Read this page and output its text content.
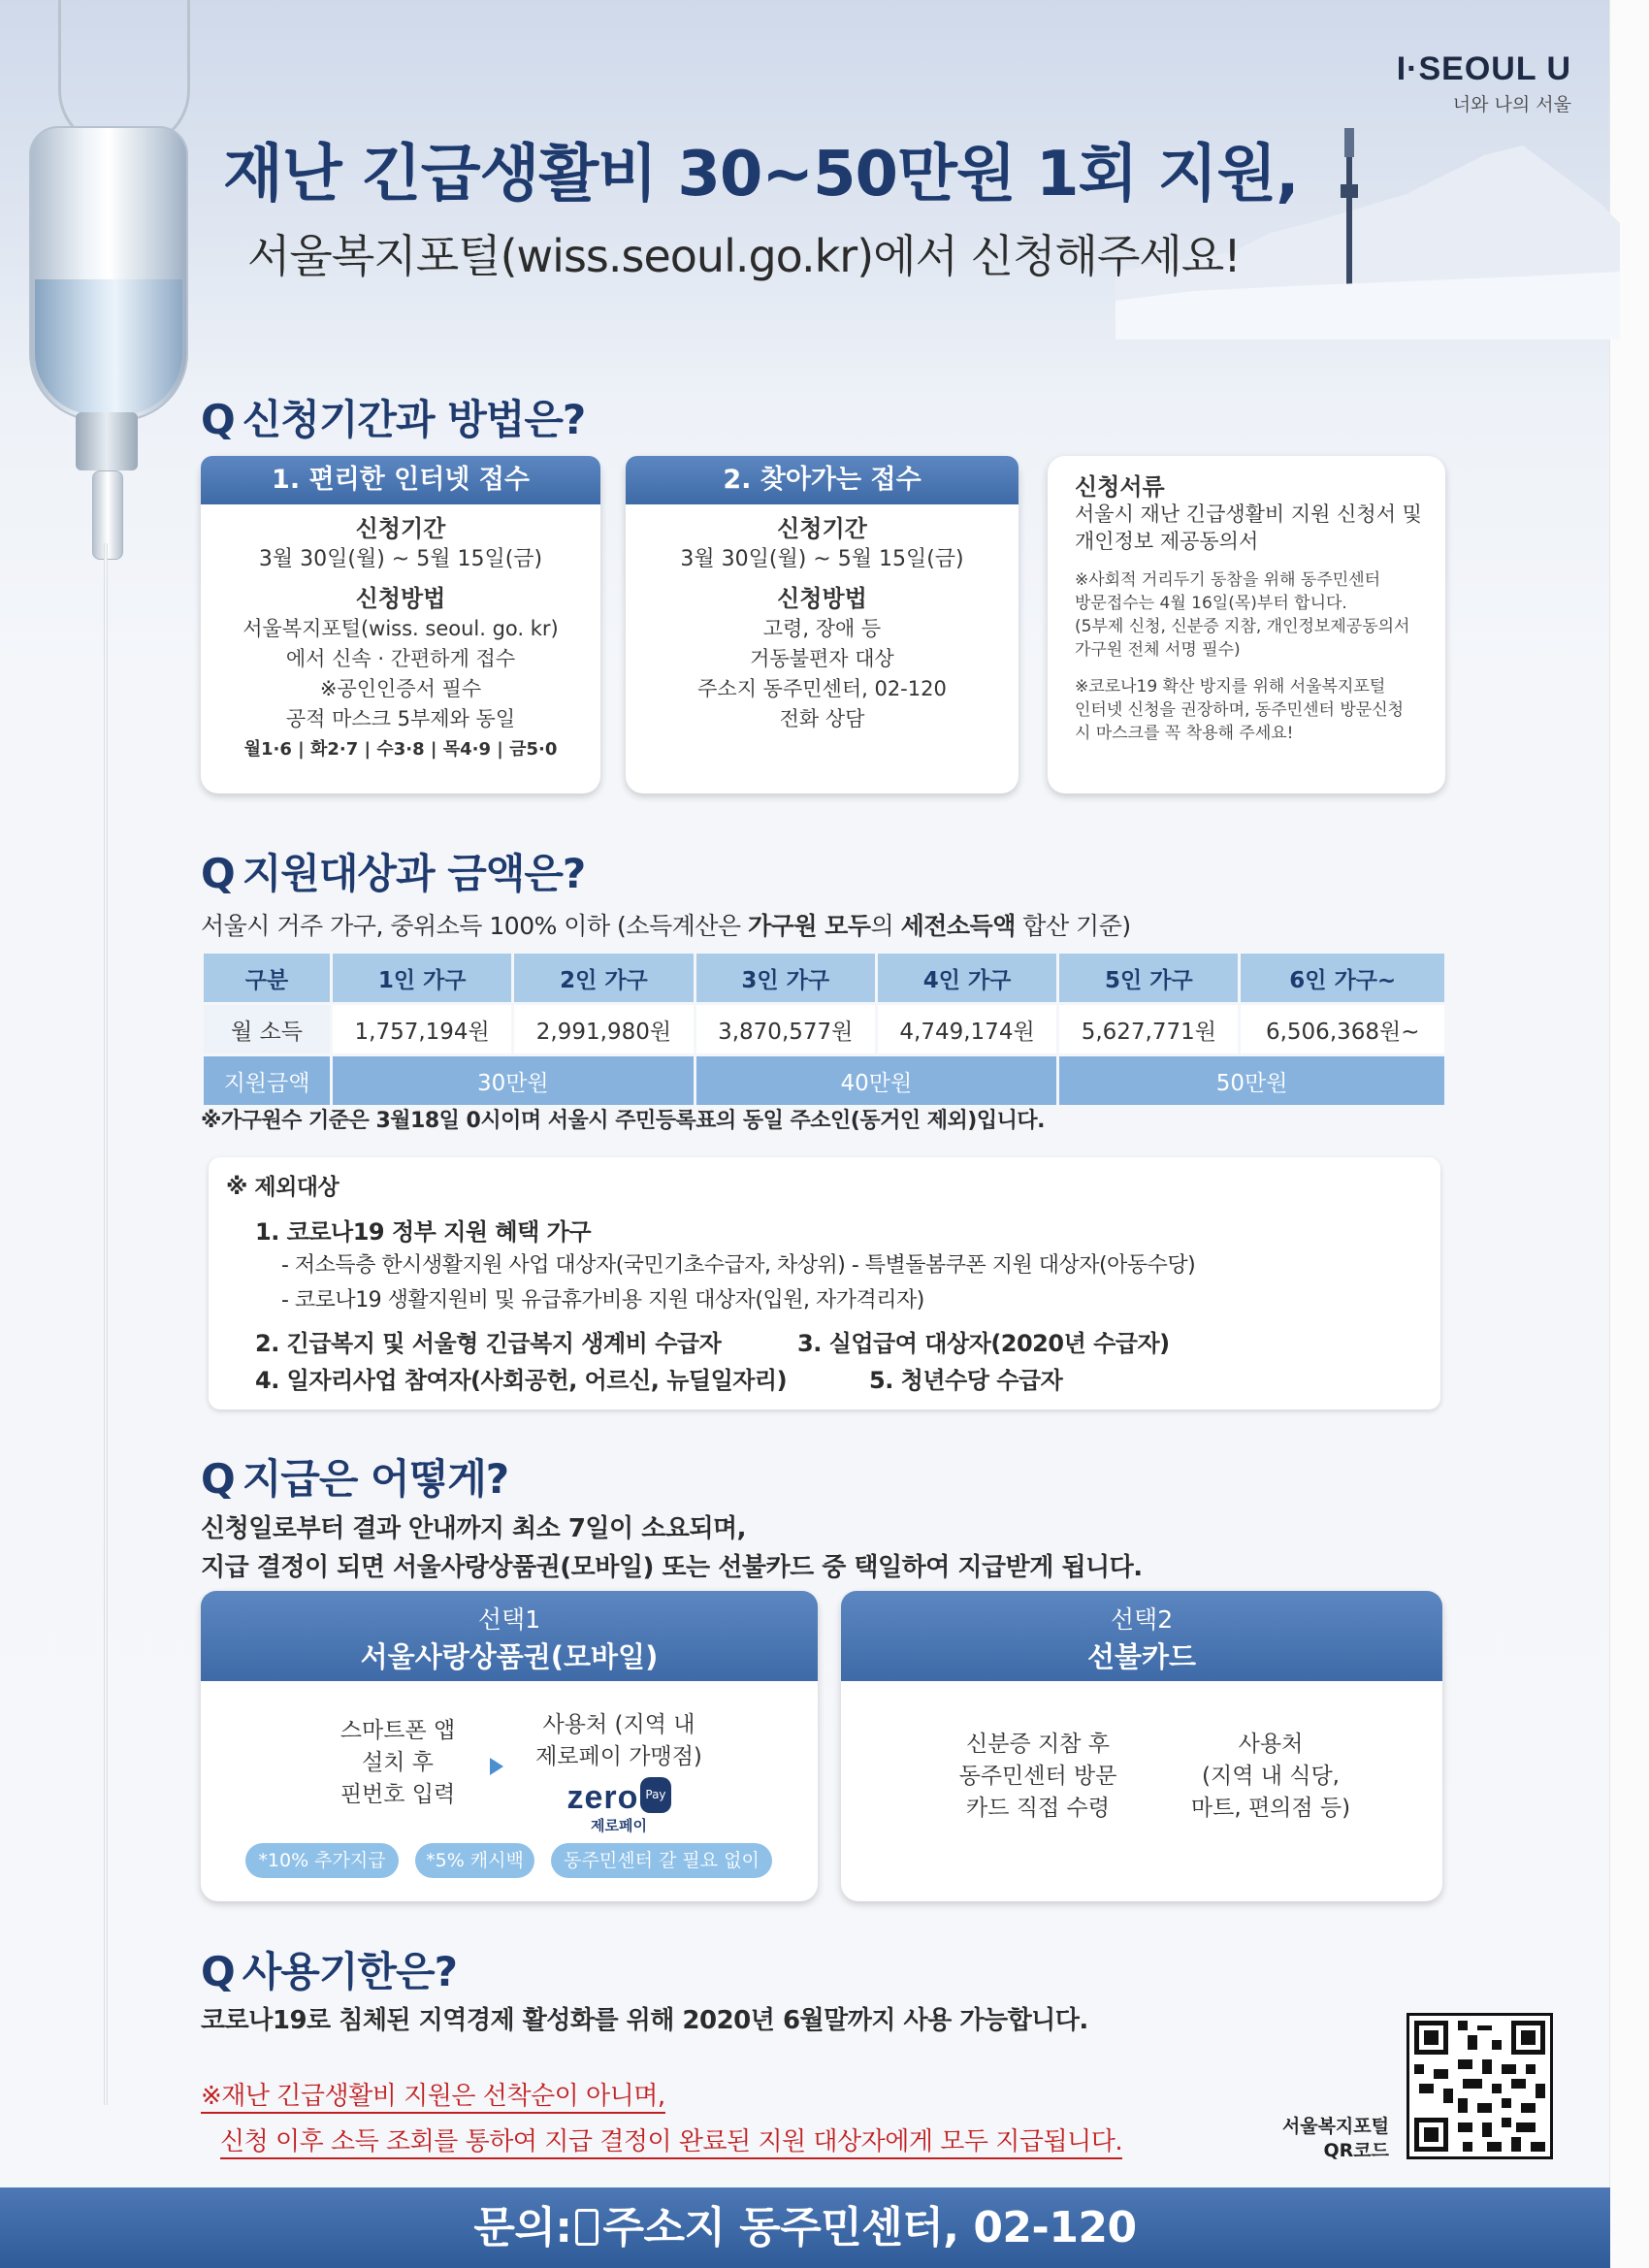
I·SEOUL U
너와 나의 서울
재난 긴급생활비 30~50만원 1회 지원,
서울복지포털(wiss.seoul.go.kr)에서 신청해주세요!
Q 신청기간과 방법은?
1. 편리한 인터넷 접수
신청기간
3월 30일(월) ~ 5월 15일(금)
신청방법
서울복지포털(wiss. seoul. go. kr)
에서 신속 · 간편하게 접수
※공인인증서 필수
공적 마스크 5부제와 동일
월1·6 | 화2·7 | 수3·8 | 목4·9 | 금5·0
2. 찾아가는 접수
신청기간
3월 30일(월) ~ 5월 15일(금)
신청방법
고령, 장애 등
거동불편자 대상
주소지 동주민센터, 02-120
전화 상담
신청서류
서울시 재난 긴급생활비 지원 신청서 및
개인정보 제공동의서
※사회적 거리두기 동참을 위해 동주민센터
방문접수는 4월 16일(목)부터 합니다.
(5부제 신청, 신분증 지참, 개인정보제공동의서
가구원 전체 서명 필수)
※코로나19 확산 방지를 위해 서울복지포털
인터넷 신청을 권장하며, 동주민센터 방문신청
시 마스크를 꼭 착용해 주세요!
Q 지원대상과 금액은?
서울시 거주 가구, 중위소득 100% 이하 (소득계산은 가구원 모두의 세전소득액 합산 기준)
구분	1인 가구	2인 가구	3인 가구	4인 가구	5인 가구	6인 가구~
월 소득	1,757,194원	2,991,980원	3,870,577원	4,749,174원	5,627,771원	6,506,368원~
지원금액	30만원		40만원		50만원	
※가구원수 기준은 3월18일 0시이며 서울시 주민등록표의 동일 주소인(동거인 제외)입니다.
※ 제외대상
1. 코로나19 정부 지원 혜택 가구
- 저소득층 한시생활지원 사업 대상자(국민기초수급자, 차상위) - 특별돌봄쿠폰 지원 대상자(아동수당)
- 코로나19 생활지원비 및 유급휴가비용 지원 대상자(입원, 자가격리자)
2. 긴급복지 및 서울형 긴급복지 생계비 수급자	3. 실업급여 대상자(2020년 수급자)
4. 일자리사업 참여자(사회공헌, 어르신, 뉴딜일자리)	5. 청년수당 수급자
Q 지급은 어떻게?
신청일로부터 결과 안내까지 최소 7일이 소요되며,
지급 결정이 되면 서울사랑상품권(모바일) 또는 선불카드 중 택일하여 지급받게 됩니다.
선택1
서울사랑상품권(모바일)
스마트폰 앱
설치 후
핀번호 입력
사용처 (지역 내
제로페이 가맹점)
zero Pay
제로페이
*10% 추가지급	*5% 캐시백	동주민센터 갈 필요 없이
선택2
선불카드
신분증 지참 후
동주민센터 방문
카드 직접 수령
사용처
(지역 내 식당,
마트, 편의점 등)
Q 사용기한은?
코로나19로 침체된 지역경제 활성화를 위해 2020년 6월말까지 사용 가능합니다.
※재난 긴급생활비 지원은 선착순이 아니며,
신청 이후 소득 조회를 통하여 지급 결정이 완료된 지원 대상자에게 모두 지급됩니다.
서울복지포털
QR코드
문의: 주소지 동주민센터, 02-120
